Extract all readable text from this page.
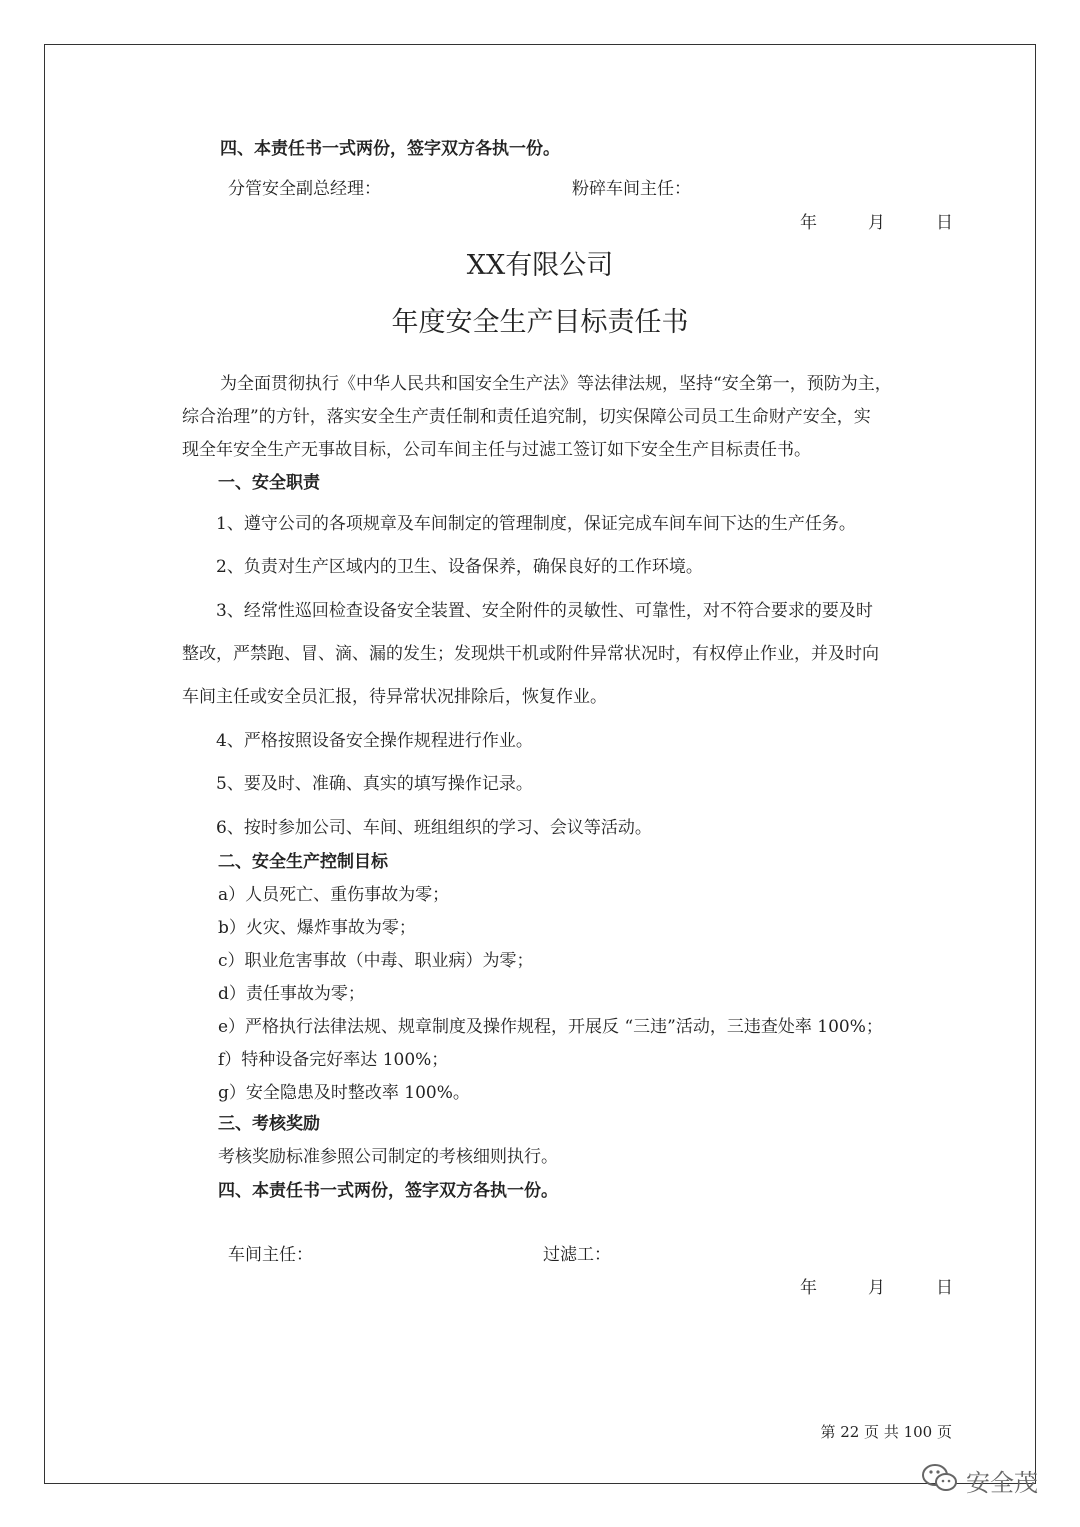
四、本责任书一式两份，签字双方各执一份。
分管安全副总经理：	粉碎车间主任：
年	月	日
XX有限公司
年度安全生产目标责任书
为全面贯彻执行《中华人民共和国安全生产法》等法律法规，坚持“安全第一，预防为主，
综合治理”的方针，落实安全生产责任制和责任追究制，切实保障公司员工生命财产安全，实
现全年安全生产无事故目标，公司车间主任与过滤工签订如下安全生产目标责任书。
一、安全职责
1、遵守公司的各项规章及车间制定的管理制度，保证完成车间车间下达的生产任务。
2、负责对生产区域内的卫生、设备保养，确保良好的工作环境。
3、经常性巡回检查设备安全装置、安全附件的灵敏性、可靠性，对不符合要求的要及时
整改，严禁跑、冒、滴、漏的发生；发现烘干机或附件异常状况时，有权停止作业，并及时向
车间主任或安全员汇报，待异常状况排除后，恢复作业。
4、严格按照设备安全操作规程进行作业。
5、要及时、准确、真实的填写操作记录。
6、按时参加公司、车间、班组组织的学习、会议等活动。
二、安全生产控制目标
a）人员死亡、重伤事故为零；
b）火灾、爆炸事故为零；
c）职业危害事故（中毒、职业病）为零；
d）责任事故为零；
e）严格执行法律法规、规章制度及操作规程，开展反 “三违”活动，三违查处率 100%；
f）特种设备完好率达 100%；
g）安全隐患及时整改率 100%。
三、考核奖励
考核奖励标准参照公司制定的考核细则执行。
四、本责任书一式两份，签字双方各执一份。
车间主任：	过滤工：
年	月	日
第 22 页 共 100 页
安全茂
